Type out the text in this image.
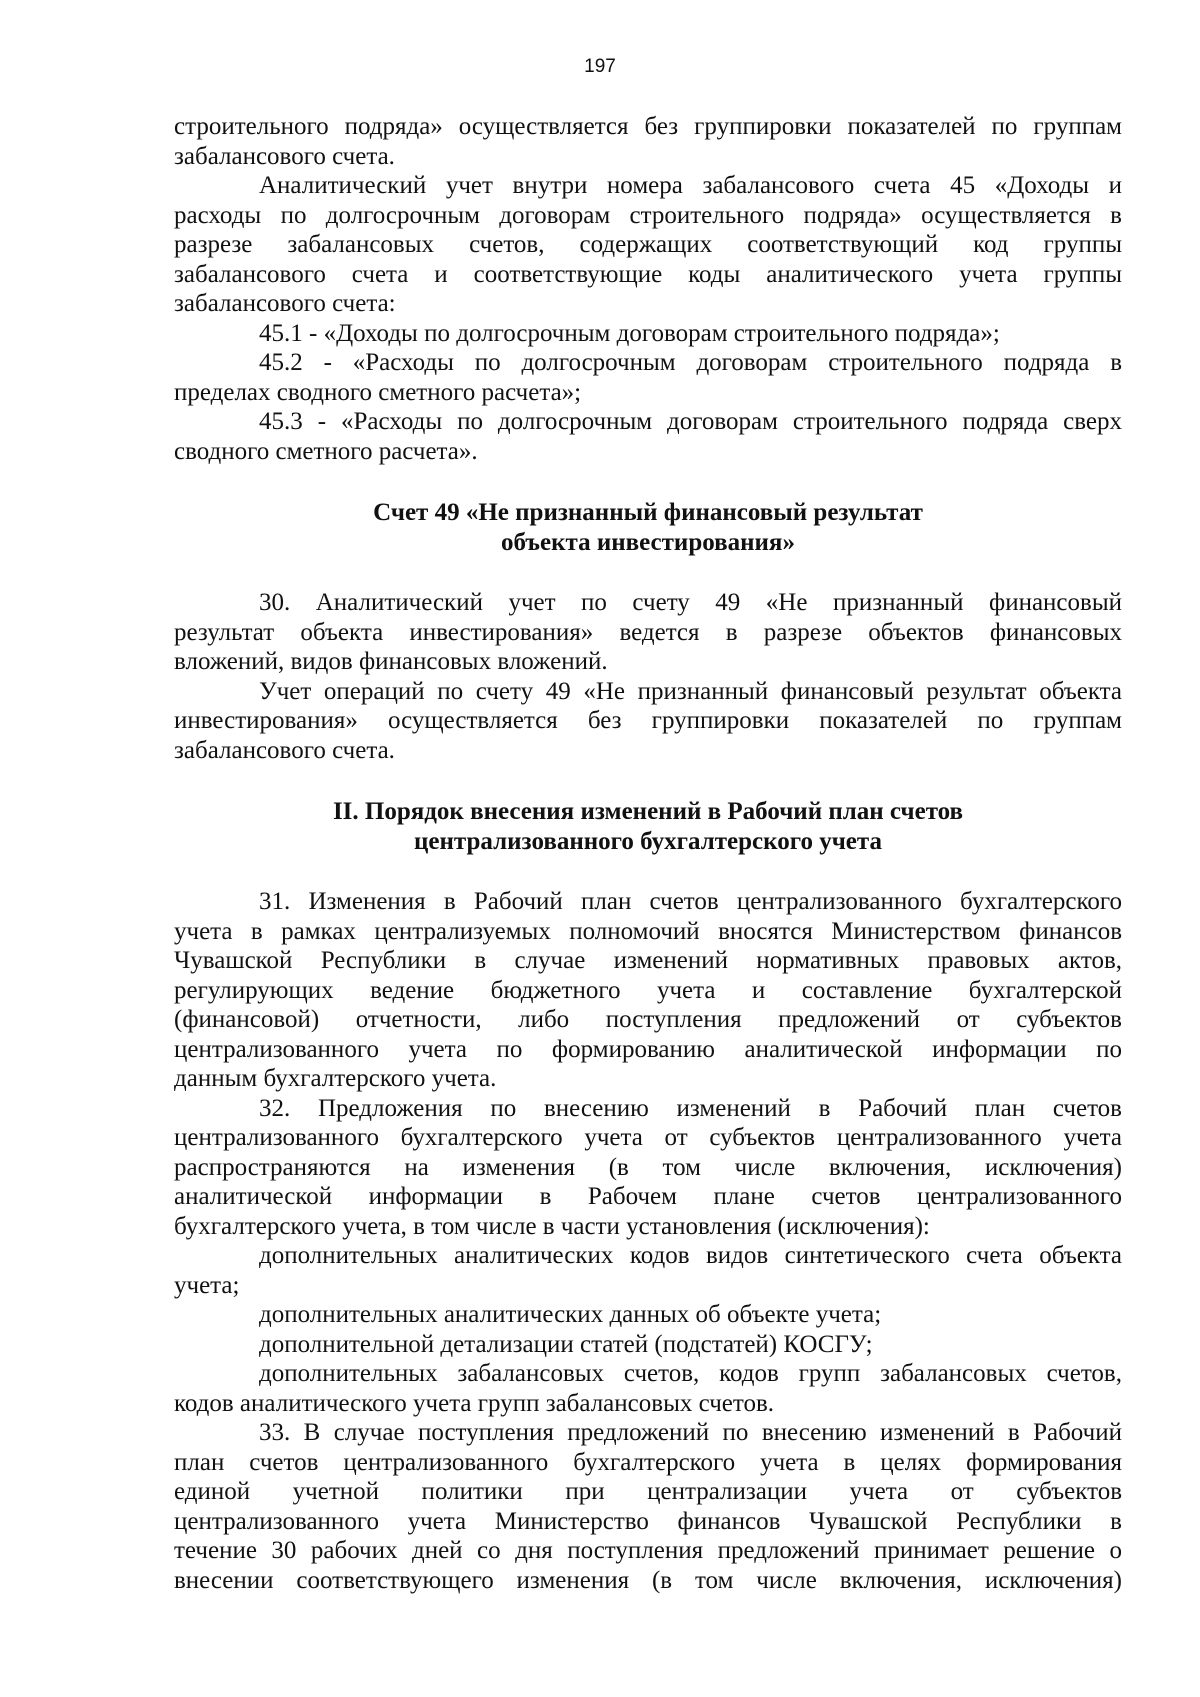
197

строительного подряда» осуществляется без группировки показателей по группам

забалансового счета.

Аналитический учет внутри номера забалансового счета 45 «Доходы и

расходы по долгосрочным договорам строительного подряда» осуществляется в

разрезе забалансовых счетов, содержащих соответствующий код группы

забалансового счета и соответствующие коды аналитического учета группы

забалансового счета:

45.1 - «Доходы по долгосрочным договорам строительного подряда»;

45.2 - «Расходы по долгосрочным договорам строительного подряда в

пределах сводного сметного расчета»;

45.3 - «Расходы по долгосрочным договорам строительного подряда сверх

сводного сметного расчета».

Счет 49 «Не признанный финансовый результат

объекта инвестирования»

30. Аналитический учет по счету 49 «Не признанный финансовый

результат объекта инвестирования» ведется в разрезе объектов финансовых

вложений, видов финансовых вложений.

Учет операций по счету 49 «Не признанный финансовый результат объекта

инвестирования» осуществляется без группировки показателей по группам

забалансового счета.

II. Порядок внесения изменений в Рабочий план счетов

централизованного бухгалтерского учета

31. Изменения в Рабочий план счетов централизованного бухгалтерского

учета в рамках централизуемых полномочий вносятся Министерством финансов

Чувашской Республики в случае изменений нормативных правовых актов,

регулирующих ведение бюджетного учета и составление бухгалтерской

(финансовой) отчетности, либо поступления предложений от субъектов

централизованного учета по формированию аналитической информации по

данным бухгалтерского учета.

32. Предложения по внесению изменений в Рабочий план счетов

централизованного бухгалтерского учета от субъектов централизованного учета

распространяются на изменения (в том числе включения, исключения)

аналитической информации в Рабочем плане счетов централизованного

бухгалтерского учета, в том числе в части установления (исключения):

дополнительных аналитических кодов видов синтетического счета объекта

учета;

дополнительных аналитических данных об объекте учета;

дополнительной детализации статей (подстатей) КОСГУ;

дополнительных забалансовых счетов, кодов групп забалансовых счетов,

кодов аналитического учета групп забалансовых счетов.

33. В случае поступления предложений по внесению изменений в Рабочий

план счетов централизованного бухгалтерского учета в целях формирования

единой учетной политики при централизации учета от субъектов

централизованного учета Министерство финансов Чувашской Республики в

течение 30 рабочих дней со дня поступления предложений принимает решение о

внесении соответствующего изменения (в том числе включения, исключения)
